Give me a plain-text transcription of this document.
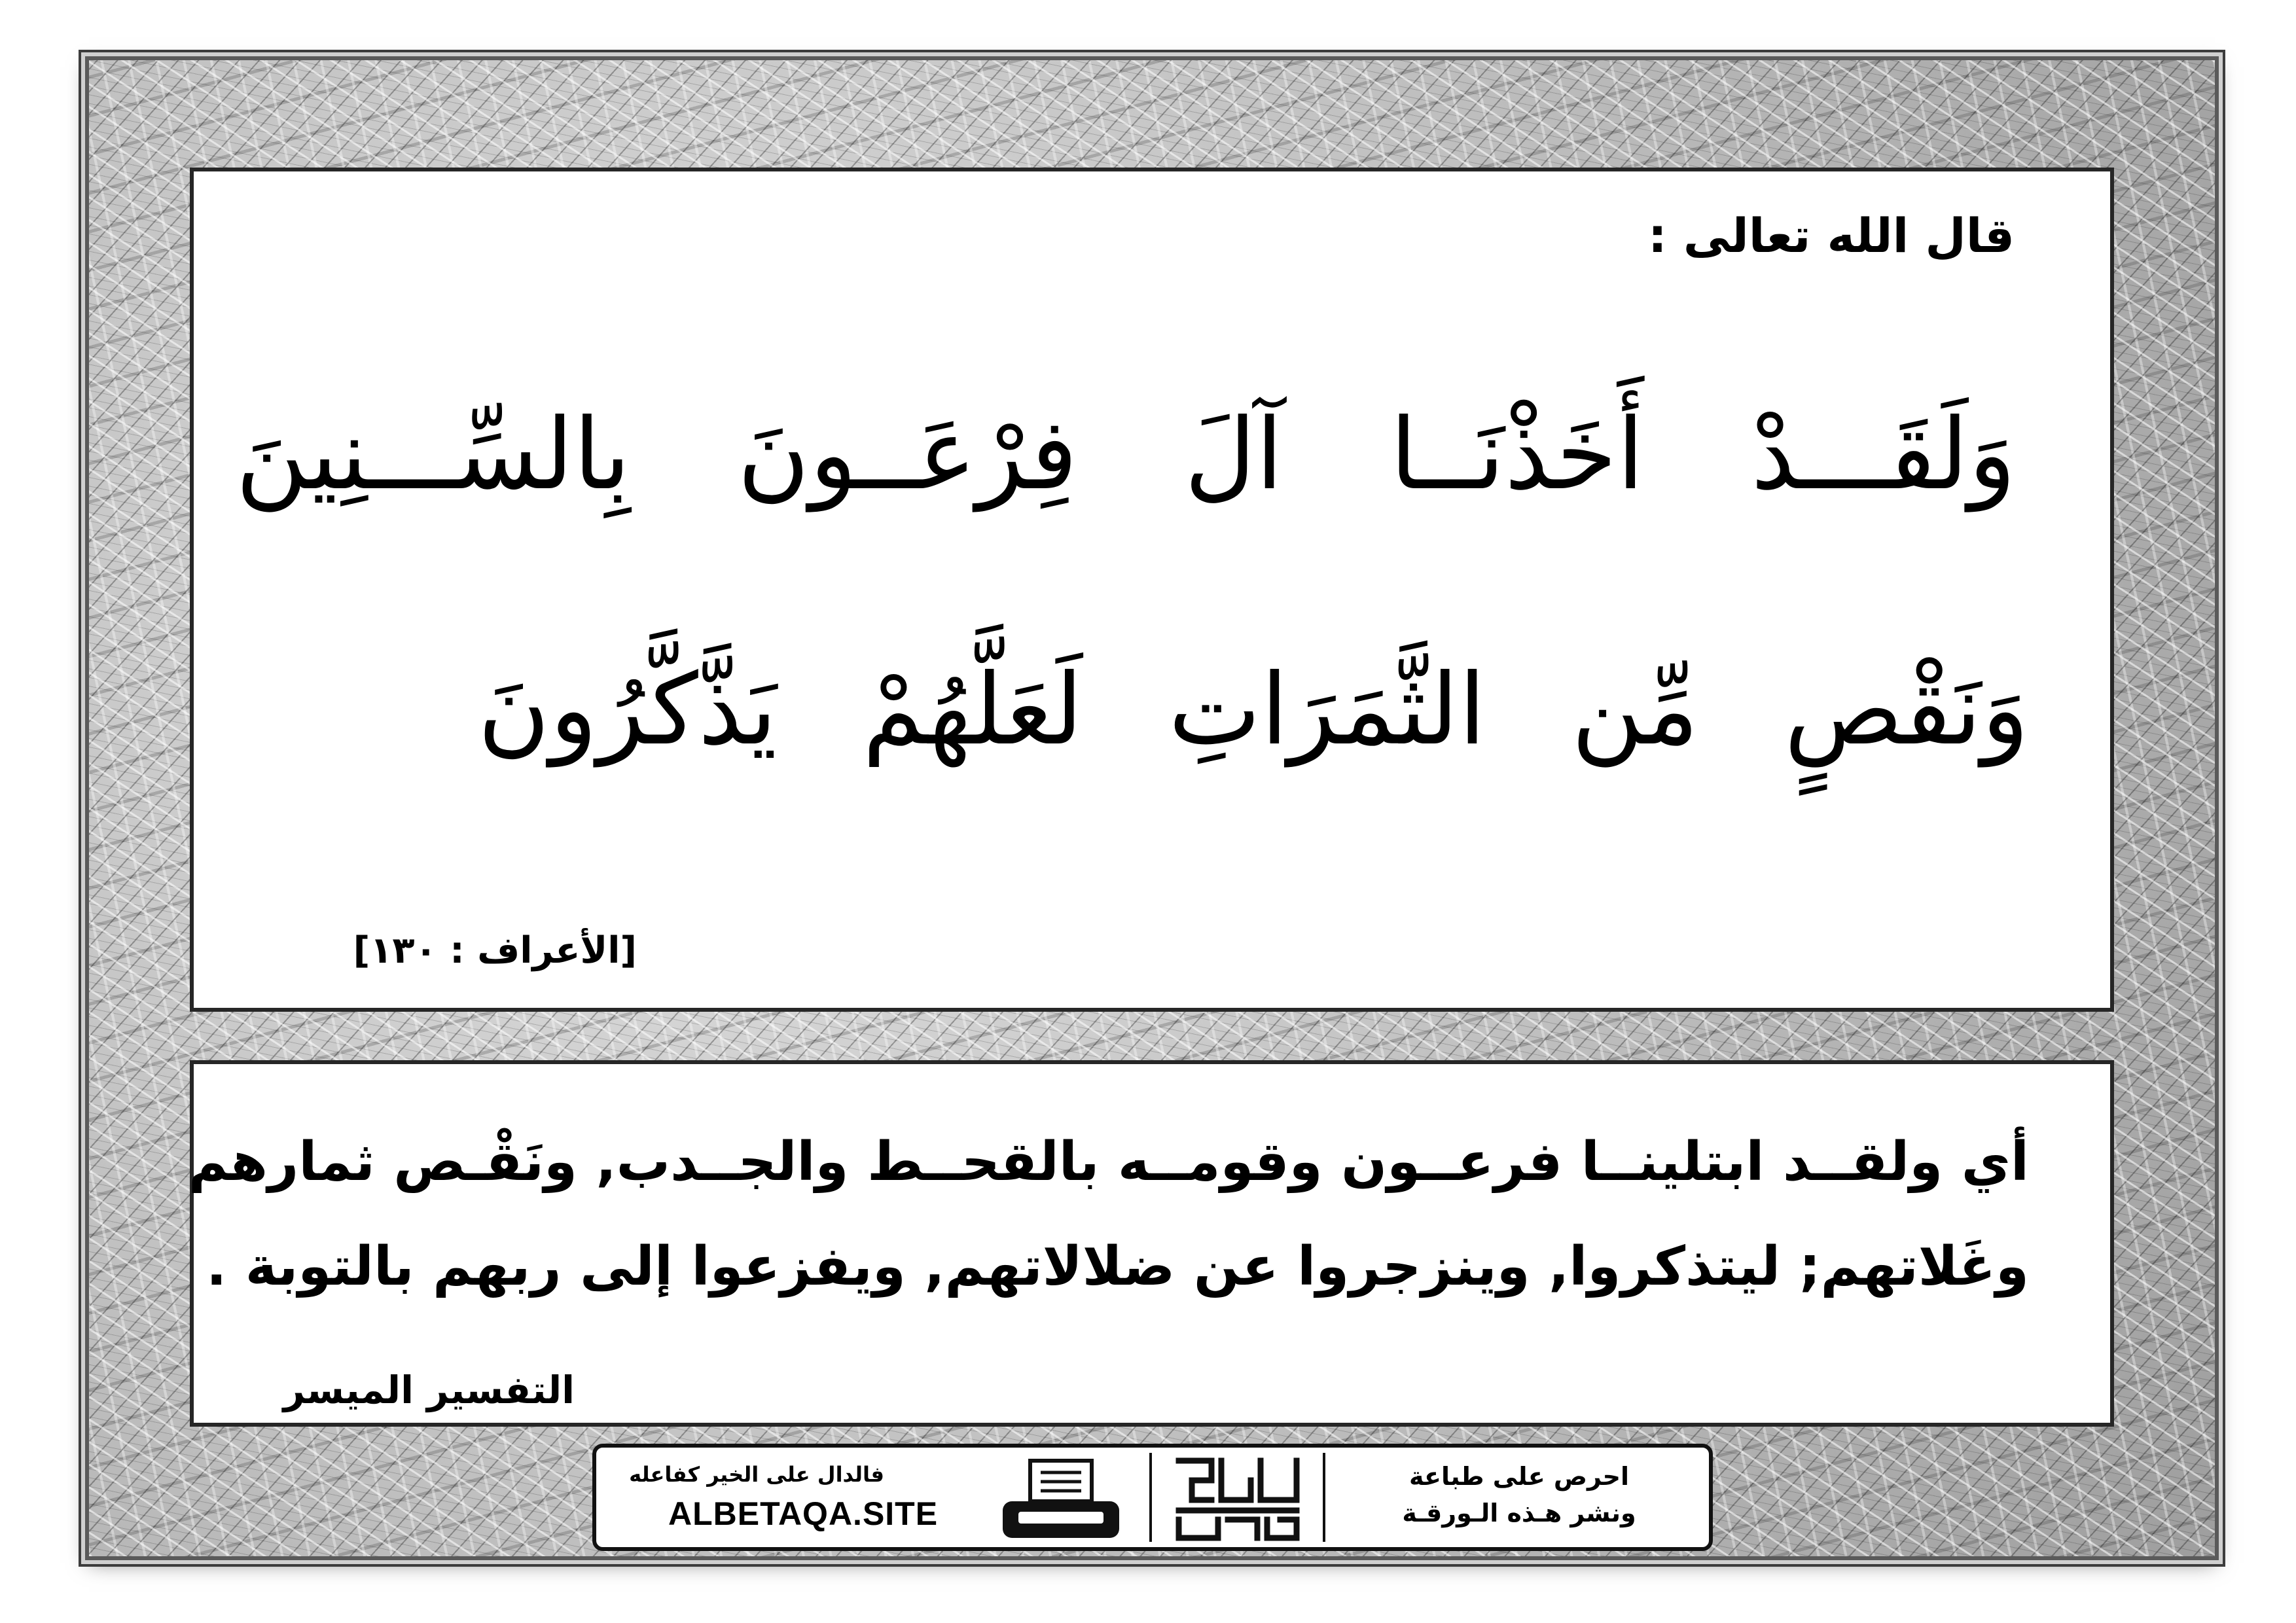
قال الله تعالى :
وَلَقَـــدْ أَخَذْنَــا آلَ فِرْعَــونَ بِالسِّـــنِينَ
وَنَقْصٍ مِّن الثَّمَرَاتِ لَعَلَّهُمْ يَذَّكَّرُونَ
[الأعراف : ١٣٠]
أي ولقــد ابتلينــا فرعــون وقومــه بالقحــط والجــدب, ونَقْـص ثمارهم
وغَلاتهم; ليتذكروا, وينزجروا عن ضلالاتهم, ويفزعوا إلى ربهم بالتوبة .
التفسير الميسر
فالدال على الخير كفاعله
ALBETAQA.SITE
احرص على طباعة
ونشر هـذه الـورقـة
